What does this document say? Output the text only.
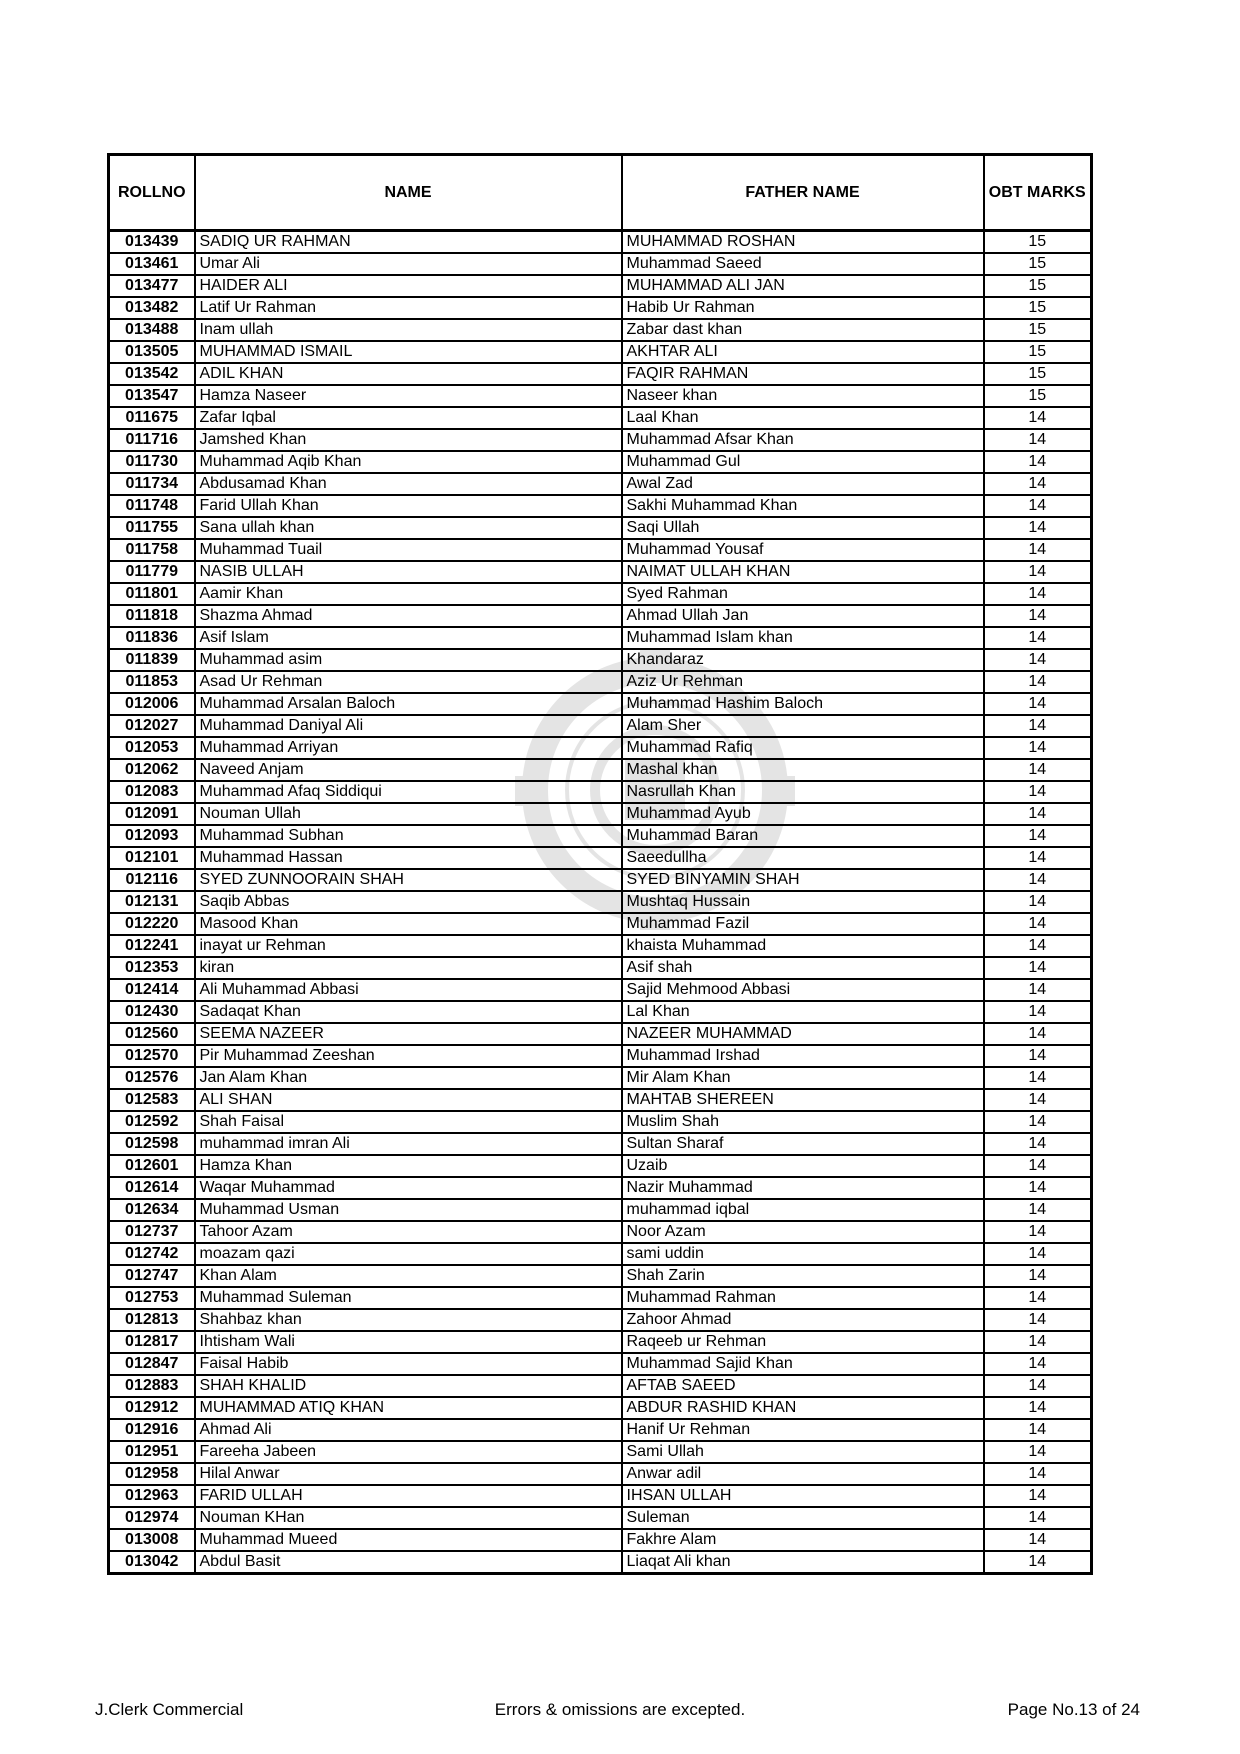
ROLLNO	NAME	FATHER NAME	OBT MARKS
013439	SADIQ UR RAHMAN	MUHAMMAD ROSHAN	15
013461	Umar Ali	Muhammad Saeed	15
013477	HAIDER ALI	MUHAMMAD ALI JAN	15
013482	Latif Ur Rahman	Habib Ur Rahman	15
013488	Inam ullah	Zabar dast khan	15
013505	MUHAMMAD ISMAIL	AKHTAR ALI	15
013542	ADIL KHAN	FAQIR RAHMAN	15
013547	Hamza Naseer	Naseer khan	15
011675	Zafar Iqbal	Laal Khan	14
011716	Jamshed Khan	Muhammad Afsar Khan	14
011730	Muhammad Aqib Khan	Muhammad Gul	14
011734	Abdusamad Khan	Awal Zad	14
011748	Farid Ullah Khan	Sakhi Muhammad Khan	14
011755	Sana ullah khan	Saqi Ullah	14
011758	Muhammad Tuail	Muhammad Yousaf	14
011779	NASIB ULLAH	NAIMAT ULLAH KHAN	14
011801	Aamir Khan	Syed Rahman	14
011818	Shazma Ahmad	Ahmad Ullah Jan	14
011836	Asif Islam	Muhammad Islam khan	14
011839	Muhammad asim	Khandaraz	14
011853	Asad Ur Rehman	Aziz Ur Rehman	14
012006	Muhammad Arsalan Baloch	Muhammad Hashim Baloch	14
012027	Muhammad Daniyal Ali	Alam Sher	14
012053	Muhammad Arriyan	Muhammad Rafiq	14
012062	Naveed Anjam	Mashal khan	14
012083	Muhammad Afaq Siddiqui	Nasrullah Khan	14
012091	Nouman Ullah	Muhammad Ayub	14
012093	Muhammad Subhan	Muhammad Baran	14
012101	Muhammad Hassan	Saeedullha	14
012116	SYED ZUNNOORAIN SHAH	SYED BINYAMIN SHAH	14
012131	Saqib Abbas	Mushtaq Hussain	14
012220	Masood Khan	Muhammad Fazil	14
012241	inayat ur Rehman	khaista Muhammad	14
012353	kiran	Asif shah	14
012414	Ali Muhammad Abbasi	Sajid Mehmood Abbasi	14
012430	Sadaqat Khan	Lal Khan	14
012560	SEEMA NAZEER	NAZEER MUHAMMAD	14
012570	Pir Muhammad Zeeshan	Muhammad Irshad	14
012576	Jan Alam Khan	Mir Alam Khan	14
012583	ALI SHAN	MAHTAB SHEREEN	14
012592	Shah Faisal	Muslim Shah	14
012598	muhammad imran Ali	Sultan Sharaf	14
012601	Hamza Khan	Uzaib	14
012614	Waqar Muhammad	Nazir Muhammad	14
012634	Muhammad Usman	muhammad iqbal	14
012737	Tahoor Azam	Noor Azam	14
012742	moazam qazi	sami uddin	14
012747	Khan Alam	Shah Zarin	14
012753	Muhammad Suleman	Muhammad Rahman	14
012813	Shahbaz khan	Zahoor Ahmad	14
012817	Ihtisham Wali	Raqeeb ur Rehman	14
012847	Faisal Habib	Muhammad Sajid Khan	14
012883	SHAH KHALID	AFTAB SAEED	14
012912	MUHAMMAD ATIQ KHAN	ABDUR RASHID KHAN	14
012916	Ahmad Ali	Hanif Ur Rehman	14
012951	Fareeha Jabeen	Sami Ullah	14
012958	Hilal Anwar	Anwar adil	14
012963	FARID ULLAH	IHSAN ULLAH	14
012974	Nouman KHan	Suleman	14
013008	Muhammad Mueed	Fakhre Alam	14
013042	Abdul Basit	Liaqat Ali khan	14
J.Clerk Commercial	Errors & omissions are excepted.	Page No.13 of 24
